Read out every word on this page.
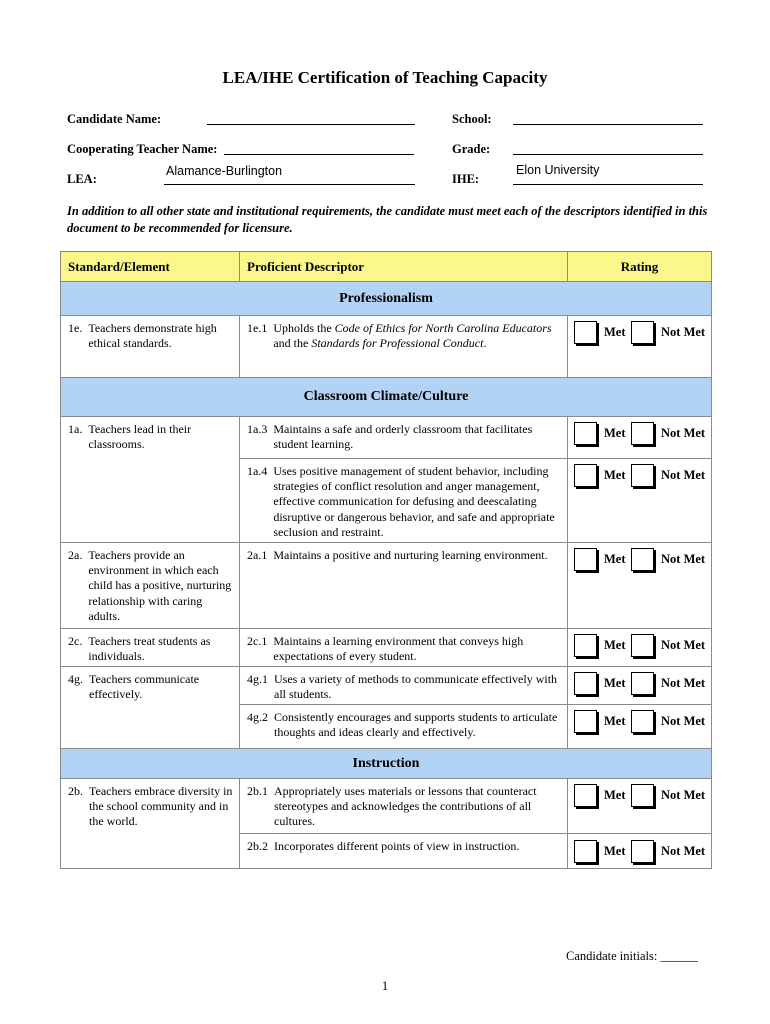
LEA/IHE Certification of Teaching Capacity
Candidate Name:	School:
Cooperating Teacher Name:	Grade:
LEA:
Alamance-Burlington
IHE:
Elon University
In addition to all other state and institutional requirements, the candidate must meet each of the descriptors identified in this document to be recommended for licensure.
Standard/Element	Proficient Descriptor	Rating
Professionalism		

1e. Teachers demonstrate high ethical standards.	1e.1 Upholds the Code of Ethics for North Carolina Educators and the Standards for Professional Conduct.	Met Not Met

Classroom Climate/Culture		

1a. Teachers lead in their classrooms.	1a.3 Maintains a safe and orderly classroom that facilitates student learning.	Met Not Met

	1a.4 Uses positive management of student behavior, including strategies of conflict resolution and anger management, effective communication for defusing and deescalating disruptive or dangerous behavior, and safe and appropriate seclusion and restraint.	Met Not Met

2a. Teachers provide an environment in which each child has a positive, nurturing relationship with caring adults.	2a.1 Maintains a positive and nurturing learning environment.	Met Not Met

2c. Teachers treat students as individuals.	2c.1 Maintains a learning environment that conveys high expectations of every student.	Met Not Met

4g. Teachers communicate effectively.	4g.1 Uses a variety of methods to communicate effectively with all students.	Met Not Met

	4g.2 Consistently encourages and supports students to articulate thoughts and ideas clearly and effectively.	Met Not Met

Instruction		

2b. Teachers embrace diversity in the school community and in the world.	2b.1 Appropriately uses materials or lessons that counteract stereotypes and acknowledges the contributions of all cultures.	Met Not Met

	2b.2 Incorporates different points of view in instruction.	Met Not Met
Candidate initials: ______
1
